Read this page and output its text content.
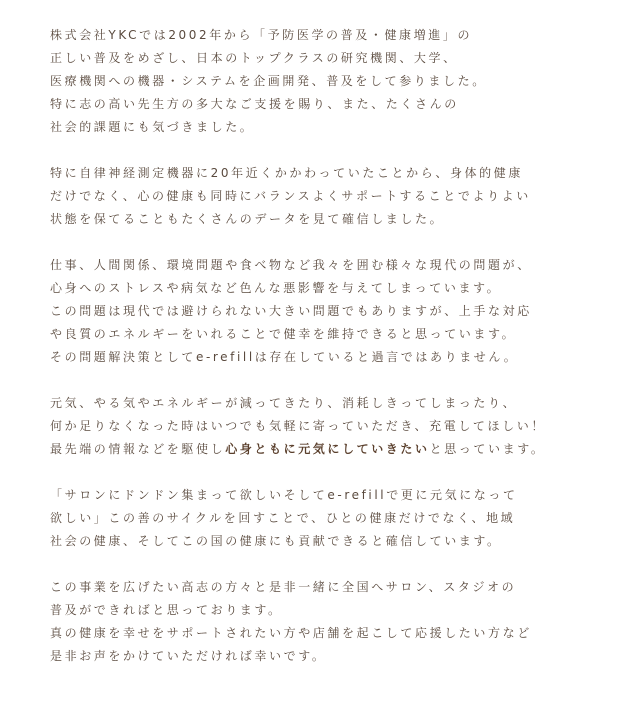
株式会社YKCでは2002年から「予防医学の普及・健康増進」の
正しい普及をめざし、日本のトップクラスの研究機関、大学、
医療機関への機器・システムを企画開発、普及をして参りました。
特に志の高い先生方の多大なご支援を賜り、また、たくさんの
社会的課題にも気づきました。

特に自律神経測定機器に20年近くかかわっていたことから、身体的健康
だけでなく、心の健康も同時にバランスよくサポートすることでよりよい
状態を保てることもたくさんのデータを見て確信しました。

仕事、人間関係、環境問題や食べ物など我々を囲む様々な現代の問題が、
心身へのストレスや病気など色んな悪影響を与えてしまっています。
この問題は現代では避けられない大きい問題でもありますが、上手な対応
や良質のエネルギーをいれることで健幸を維持できると思っています。
その問題解決策としてe-refillは存在していると過言ではありません。

元気、やる気やエネルギーが減ってきたり、消耗しきってしまったり、
何か足りなくなった時はいつでも気軽に寄っていただき、充電してほしい！
最先端の情報などを駆使し心身ともに元気にしていきたいと思っています。

「サロンにドンドン集まって欲しいそしてe-refillで更に元気になって
欲しい」この善のサイクルを回すことで、ひとの健康だけでなく、地域
社会の健康、そしてこの国の健康にも貢献できると確信しています。

この事業を広げたい高志の方々と是非一緒に全国へサロン、スタジオの
普及ができればと思っております。
真の健康を幸せをサポートされたい方や店舗を起こして応援したい方など
是非お声をかけていただければ幸いです。
